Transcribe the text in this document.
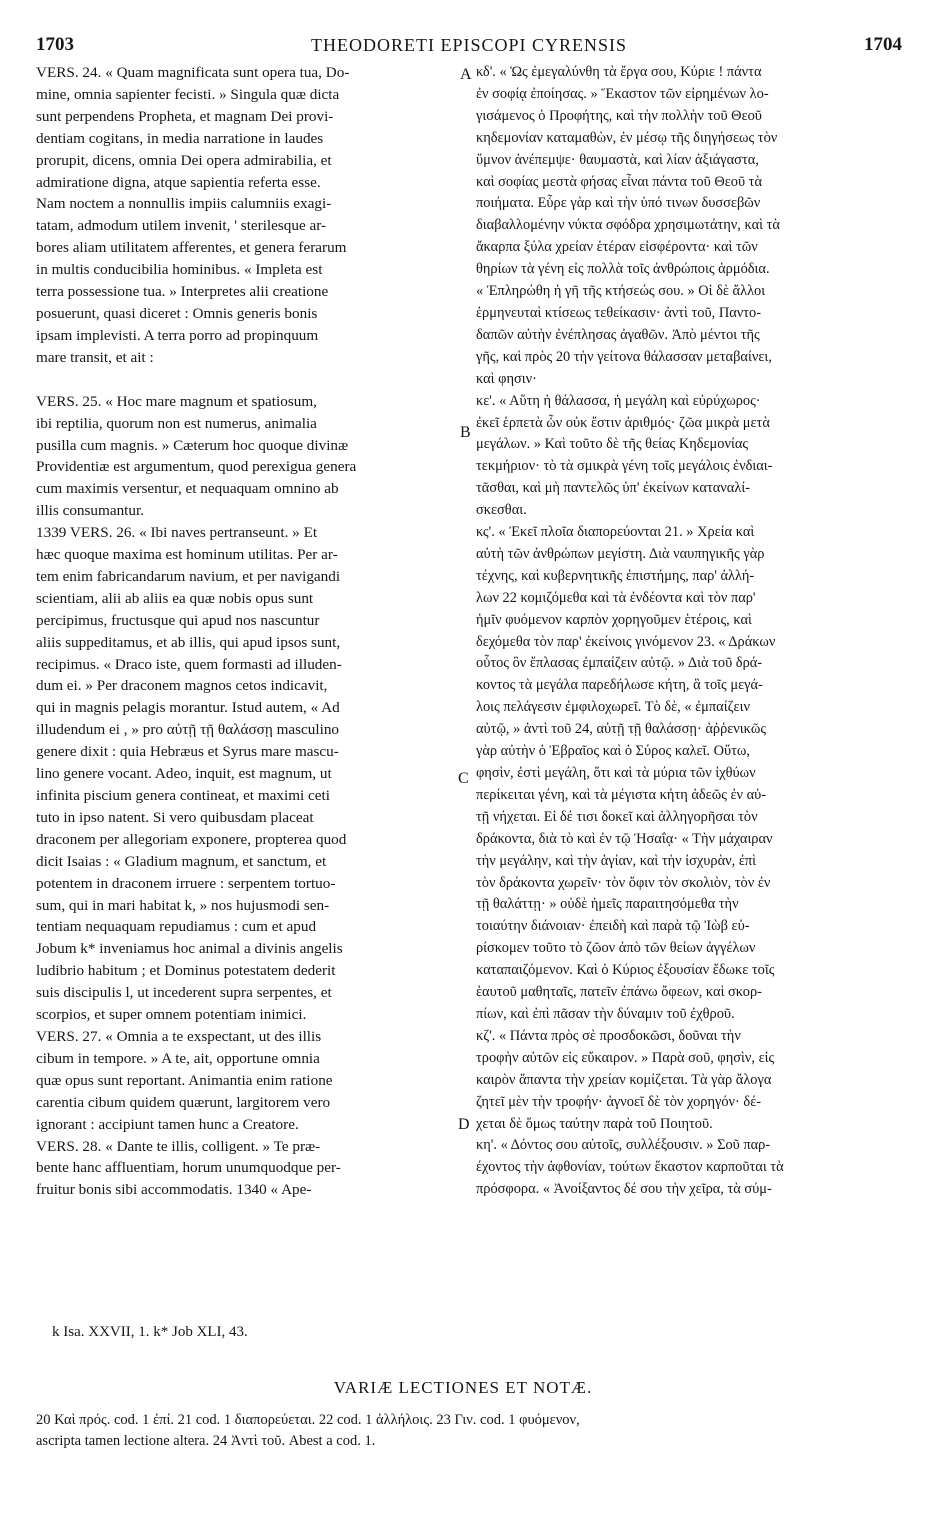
1703	THEODORETI EPISCOPI CYRENSIS	1704

VERS. 24. « Quam magnificata sunt opera tua, Do-

mine, omnia sapienter fecisti. » Singula quæ dicta

sunt perpendens Propheta, et magnam Dei provi-

dentiam cogitans, in media narratione in laudes

prorupit, dicens, omnia Dei opera admirabilia, et

admiratione digna, atque sapientia referta esse.

Nam noctem a nonnullis impiis calumniis exagi-

tatam, admodum utilem invenit, ' sterilesque ar-

bores aliam utilitatem afferentes, et genera ferarum

in multis conducibilia hominibus. « Impleta est

terra possessione tua. » Interpretes alii creatione

posuerunt, quasi diceret : Omnis generis bonis

ipsam implevisti. A terra porro ad propinquum

mare transit, et ait :

VERS. 25. « Hoc mare magnum et spatiosum,

ibi reptilia, quorum non est numerus, animalia

pusilla cum magnis. » Cæterum hoc quoque divinæ

Providentiæ est argumentum, quod perexigua genera

cum maximis versentur, et nequaquam omnino ab

illis consumantur.

1339 VERS. 26. « Ibi naves pertranseunt. » Et

hæc quoque maxima est hominum utilitas. Per ar-

tem enim fabricandarum navium, et per navigandi

scientiam, alii ab aliis ea quæ nobis opus sunt

percipimus, fructusque qui apud nos nascuntur

aliis suppeditamus, et ab illis, qui apud ipsos sunt,

recipimus. « Draco iste, quem formasti ad illuden-

dum ei. » Per draconem magnos cetos indicavit,

qui in magnis pelagis morantur. Istud autem, « Ad

illudendum ei , » pro αὐτῇ τῇ θαλάσσῃ masculino

genere dixit : quia Hebræus et Syrus mare mascu-

lino genere vocant. Adeo, inquit, est magnum, ut

infinita piscium genera contineat, et maximi ceti

tuto in ipso natent. Si vero quibusdam placeat

draconem per allegoriam exponere, propterea quod

dicit Isaias : « Gladium magnum, et sanctum, et

potentem in draconem irruere : serpentem tortuo-

sum, qui in mari habitat k, » nos hujusmodi sen-

tentiam nequaquam repudiamus : cum et apud

Jobum k* inveniamus hoc animal a divinis angelis

ludibrio habitum ; et Dominus potestatem dederit

suis discipulis l, ut incederent supra serpentes, et

scorpios, et super omnem potentiam inimici.

VERS. 27. « Omnia a te exspectant, ut des illis

cibum in tempore. » A te, ait, opportune omnia

quæ opus sunt reportant. Animantia enim ratione

carentia cibum quidem quærunt, largitorem vero

ignorant : accipiunt tamen hunc a Creatore.

VERS. 28. « Dante te illis, colligent. » Te præ-

bente hanc affluentiam, horum unumquodque per-

fruitur bonis sibi accommodatis. 1340 « Ape-

κδ'. « Ὡς ἐμεγαλύνθη τὰ ἔργα σου, Κύριε ! πάντα

ἐν σοφίᾳ ἐποίησας. » Ἕκαστον τῶν εἰρημένων λο-

γισάμενος ὁ Προφήτης, καὶ τὴν πολλὴν τοῦ Θεοῦ

κηδεμονίαν καταμαθὼν, ἐν μέσῳ τῆς διηγήσεως τὸν

ὕμνον ἀνέπεμψε· θαυμαστὰ, καὶ λίαν ἀξιάγαστα,

καὶ σοφίας μεστὰ φήσας εἶναι πάντα τοῦ Θεοῦ τὰ

ποιήματα. Εὗρε γὰρ καὶ τὴν ὑπό τινων δυσσεβῶν

διαβαλλομένην νύκτα σφόδρα χρησιμωτάτην, καὶ τὰ

ἄκαρπα ξύλα χρείαν ἑτέραν εἰσφέροντα· καὶ τῶν

θηρίων τὰ γένη εἰς πολλὰ τοῖς ἀνθρώποις ἁρμόδια.

« Ἐπληρώθη ἡ γῆ τῆς κτήσεώς σου. » Οἱ δὲ ἄλλοι

ἑρμηνευταὶ κτίσεως τεθείκασιν· ἀντὶ τοῦ, Παντο-

δαπῶν αὐτὴν ἐνέπλησας ἀγαθῶν. Ἀπὸ μέντοι τῆς

γῆς, καὶ πρὸς 20 τὴν γείτονα θάλασσαν μεταβαίνει,

καὶ φησιν·

κε'. « Αὕτη ἡ θάλασσα, ἡ μεγάλη καὶ εὐρύχωρος·

ἐκεῖ ἑρπετὰ ὧν οὐκ ἔστιν ἀριθμός· ζῶα μικρὰ μετὰ

μεγάλων. » Καὶ τοῦτο δὲ τῆς θείας Κηδεμονίας

τεκμήριον· τὸ τὰ σμικρὰ γένη τοῖς μεγάλοις ἐνδιαι-

τᾶσθαι, καὶ μὴ παντελῶς ὑπ' ἐκείνων καταναλί-

σκεσθαι.

κς'. « Ἐκεῖ πλοῖα διαπορεύονται 21. » Χρεία καὶ

αὐτὴ τῶν ἀνθρώπων μεγίστη. Διὰ ναυπηγικῆς γὰρ

τέχνης, καὶ κυβερνητικῆς ἐπιστήμης, παρ' ἀλλή-

λων 22 κομιζόμεθα καὶ τὰ ἐνδέοντα καὶ τὸν παρ'

ἡμῖν φυόμενον καρπὸν χορηγοῦμεν ἑτέροις, καὶ

δεχόμεθα τὸν παρ' ἐκείνοις γινόμενον 23. « Δράκων

οὗτος ὃν ἔπλασας ἐμπαίζειν αὐτῷ. » Διὰ τοῦ δρά-

κοντος τὰ μεγάλα παρεδήλωσε κήτη, ἃ τοῖς μεγά-

λοις πελάγεσιν ἐμφιλοχωρεῖ. Τὸ δὲ, « ἐμπαίζειν

αὐτῷ, » ἀντὶ τοῦ 24, αὐτῇ τῇ θαλάσσῃ· ἀῤῥενικῶς

γὰρ αὐτὴν ὁ Ἑβραῖος καὶ ὁ Σύρος καλεῖ. Οὕτω,

φησὶν, ἐστὶ μεγάλη, ὅτι καὶ τὰ μύρια τῶν ἰχθύων

περίκειται γένη, καὶ τὰ μέγιστα κήτη ἀδεῶς ἐν αὐ-

τῇ νήχεται. Εἰ δέ τισι δοκεῖ καὶ ἀλληγορῆσαι τὸν

δράκοντα, διὰ τὸ καὶ ἐν τῷ Ἡσαΐᾳ· « Τὴν μάχαιραν

τὴν μεγάλην, καὶ τὴν ἁγίαν, καὶ τὴν ἰσχυρὰν, ἐπὶ

τὸν δράκοντα χωρεῖν· τὸν ὄφιν τὸν σκολιὸν, τὸν ἐν

τῇ θαλάττῃ· » οὐδὲ ἡμεῖς παραιτησόμεθα τὴν

τοιαύτην διάνοιαν· ἐπειδὴ καὶ παρὰ τῷ Ἰὼβ εὑ-

ρίσκομεν τοῦτο τὸ ζῶον ἀπὸ τῶν θείων ἀγγέλων

καταπαιζόμενον. Καὶ ὁ Κύριος ἐξουσίαν ἔδωκε τοῖς

ἑαυτοῦ μαθηταῖς, πατεῖν ἐπάνω ὄφεων, καὶ σκορ-

πίων, καὶ ἐπὶ πᾶσαν τὴν δύναμιν τοῦ ἐχθροῦ.

κζ'. « Πάντα πρὸς σὲ προσδοκῶσι, δοῦναι τὴν

τροφὴν αὐτῶν εἰς εὔκαιρον. » Παρὰ σοῦ, φησὶν, εἰς

καιρὸν ἅπαντα τὴν χρείαν κομίζεται. Τὰ γὰρ ἄλογα

ζητεῖ μὲν τὴν τροφήν· ἀγνοεῖ δὲ τὸν χορηγόν· δέ-

χεται δὲ ὅμως ταύτην παρὰ τοῦ Ποιητοῦ.

κη'. « Δόντος σου αὐτοῖς, συλλέξουσιν. » Σοῦ παρ-

έχοντος τὴν ἀφθονίαν, τούτων ἕκαστον καρποῦται τὰ

πρόσφορα. « Ἀνοίξαντος δέ σου τὴν χεῖρα, τὰ σύμ-

A
B
C
D
k Isa. XXVII, 1. k* Job XLI, 43.
VARIÆ LECTIONES ET NOTÆ.

20 Καὶ πρός. cod. 1 ἐπί. 21 cod. 1 διαπορεύεται. 22 cod. 1 ἀλλήλοις. 23 Γιν. cod. 1 φυόμενον,

ascripta tamen lectione altera. 24 Ἀντὶ τοῦ. Abest a cod. 1.
